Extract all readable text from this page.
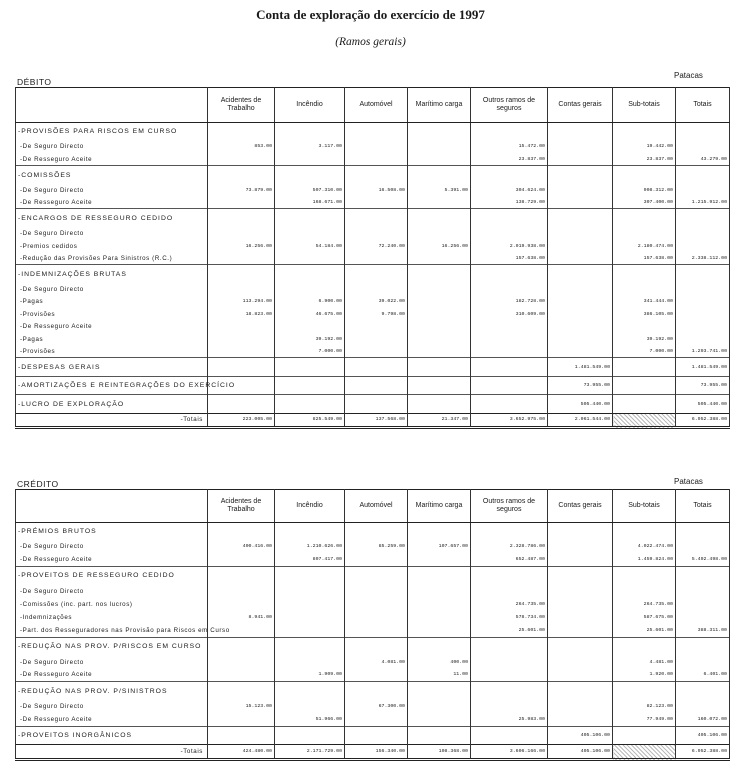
Conta de exploração do exercício de 1997
(Ramos gerais)
DÉBITO
Patacas
	Acidentes de Trabalho	Incêndio	Automóvel	Marítimo carga	Outros ramos de seguros	Contas gerais	Sub-totais	Totais
-PROVISÕES PARA RISCOS EM CURSO								
-De Seguro Directo	853.00	3.117.00			15.472.00		19.442.00	
-De Resseguro Aceite					23.837.00		23.837.00	43.279.00
-COMISSÕES								
-De Seguro Directo	73.879.00	507.310.00	16.508.00	5.391.00	304.624.00		908.312.00	
-De Resseguro Aceite		168.671.00			138.729.00		307.400.00	1.215.912.00
-ENCARGOS DE RESSEGURO CEDIDO								
-De Seguro Directo								
-Premios cedidos	16.256.00	54.184.00	72.240.00	16.256.00	2.019.938.00		2.180.474.00	
-Redução das Provisões Para Sinistros (R.C.)					157.638.00		157.638.00	2.338.112.00
-INDEMNIZAÇÕES BRUTAS								
-De Seguro Directo								
-Pagas	113.294.00	6.900.00	39.022.00		182.728.00		341.444.00	
-Provisões	18.823.00	46.675.00	9.798.00		310.609.00		386.105.00	
-De Resseguro Aceite								
-Pagas		39.192.00					39.192.00	
-Provisões		7.000.00					7.000.00	1.293.741.00
-DESPESAS GERAIS						1.481.549.00		1.481.549.00
-AMORTIZAÇÕES E REINTEGRAÇÕES DO EXERCÍCIO						73.955.00		73.955.00
-LUCRO DE EXPLORAÇÃO						505.440.00		505.440.00
-Totais	223.005.00	825.549.00	137.568.00	21.347.00	3.652.975.00	2.061.544.00		6.952.388.00
CRÉDITO	Patacas
	Acidentes de Trabalho	Incêndio	Automóvel	Marítimo carga	Outros ramos de seguros	Contas gerais	Sub-totais	Totais
-PRÉMIOS BRUTOS								
-De Seguro Directo	400.416.00	1.210.626.00	85.259.00	107.657.00	2.328.786.00		4.022.474.00	
-De Resseguro Aceite		807.417.00			652.487.00		1.459.824.00	5.492.498.00
-PROVEITOS DE RESSEGURO CEDIDO								
-De Seguro Directo								
-Comissões (inc. part. nos lucros)					264.735.00		264.735.00	
-Indemnizações	8.941.00				578.734.00		587.675.00	
-Part. dos Resseguradores nas Provisão para Riscos em Curso					25.601.00		25.601.00	388.311.00
-REDUÇÃO NAS PROV. P/RISCOS EM CURSO								
-De Seguro Directo			4.081.00	400.00			4.481.00	
-De Resseguro Aceite		1.909.00		11.00			1.920.00	6.401.00
-REDUÇÃO NAS PROV. P/SINISTROS								
-De Seguro Directo	15.123.00		67.300.00				82.123.00	
-De Resseguro Aceite		51.966.00			25.983.00		77.949.00	160.072.00
-PROVEITOS INORGÂNICOS						405.106.00		405.106.00
-Totais	424.480.00	2.171.729.00	156.340.00	108.368.00	3.606.166.00	405.106.00		6.952.388.00
